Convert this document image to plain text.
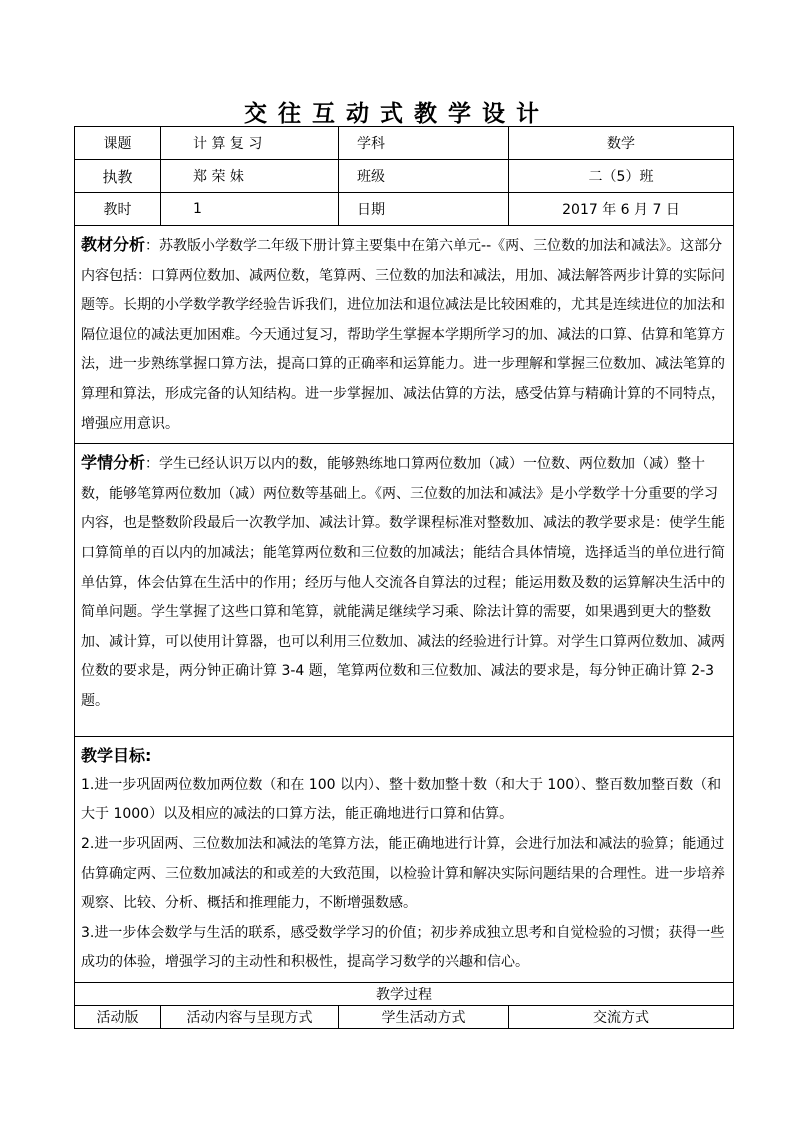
交往互动式教学设计
课题	计 算 复 习	学科	数学
执教	郑 荣 妹	班级	二（5）班
教时	1	日期	2017 年 6 月 7 日
教材分析：苏教版小学数学二年级下册计算主要集中在第六单元--《两、三位数的加法和减法》。这部分内容包括：口算两位数加、减两位数，笔算两、三位数的加法和减法，用加、减法解答两步计算的实际问题等。长期的小学数学教学经验告诉我们，进位加法和退位减法是比较困难的，尤其是连续进位的加法和隔位退位的减法更加困难。今天通过复习，帮助学生掌握本学期所学习的加、减法的口算、估算和笔算方法，进一步熟练掌握口算方法，提高口算的正确率和运算能力。进一步理解和掌握三位数加、减法笔算的算理和算法，形成完备的认知结构。进一步掌握加、减法估算的方法，感受估算与精确计算的不同特点，增强应用意识。			
学情分析：学生已经认识万以内的数，能够熟练地口算两位数加（减）一位数、两位数加（减）整十数，能够笔算两位数加（减）两位数等基础上。《两、三位数的加法和减法》是小学数学十分重要的学习内容，也是整数阶段最后一次教学加、减法计算。数学课程标准对整数加、减法的教学要求是：使学生能口算简单的百以内的加减法；能笔算两位数和三位数的加减法；能结合具体情境，选择适当的单位进行简单估算，体会估算在生活中的作用；经历与他人交流各自算法的过程；能运用数及数的运算解决生活中的简单问题。学生掌握了这些口算和笔算，就能满足继续学习乘、除法计算的需要，如果遇到更大的整数加、减计算，可以使用计算器，也可以利用三位数加、减法的经验进行计算。对学生口算两位数加、减两位数的要求是，两分钟正确计算 3-4 题，笔算两位数和三位数加、减法的要求是，每分钟正确计算 2-3 题。			

教学目标:

1.进一步巩固两位数加两位数（和在 100 以内）、整十数加整十数（和大于 100）、整百数加整百数（和大于 1000）以及相应的减法的口算方法，能正确地进行口算和估算。

2.进一步巩固两、三位数加法和减法的笔算方法，能正确地进行计算，会进行加法和减法的验算；能通过估算确定两、三位数加减法的和或差的大致范围，以检验计算和解决实际问题结果的合理性。进一步培养观察、比较、分析、概括和推理能力，不断增强数感。

3.进一步体会数学与生活的联系，感受数学学习的价值；初步养成独立思考和自觉检验的习惯；获得一些成功的体验，增强学习的主动性和积极性，提高学习数学的兴趣和信心。			

教学过程			
活动版	活动内容与呈现方式	学生活动方式	交流方式
